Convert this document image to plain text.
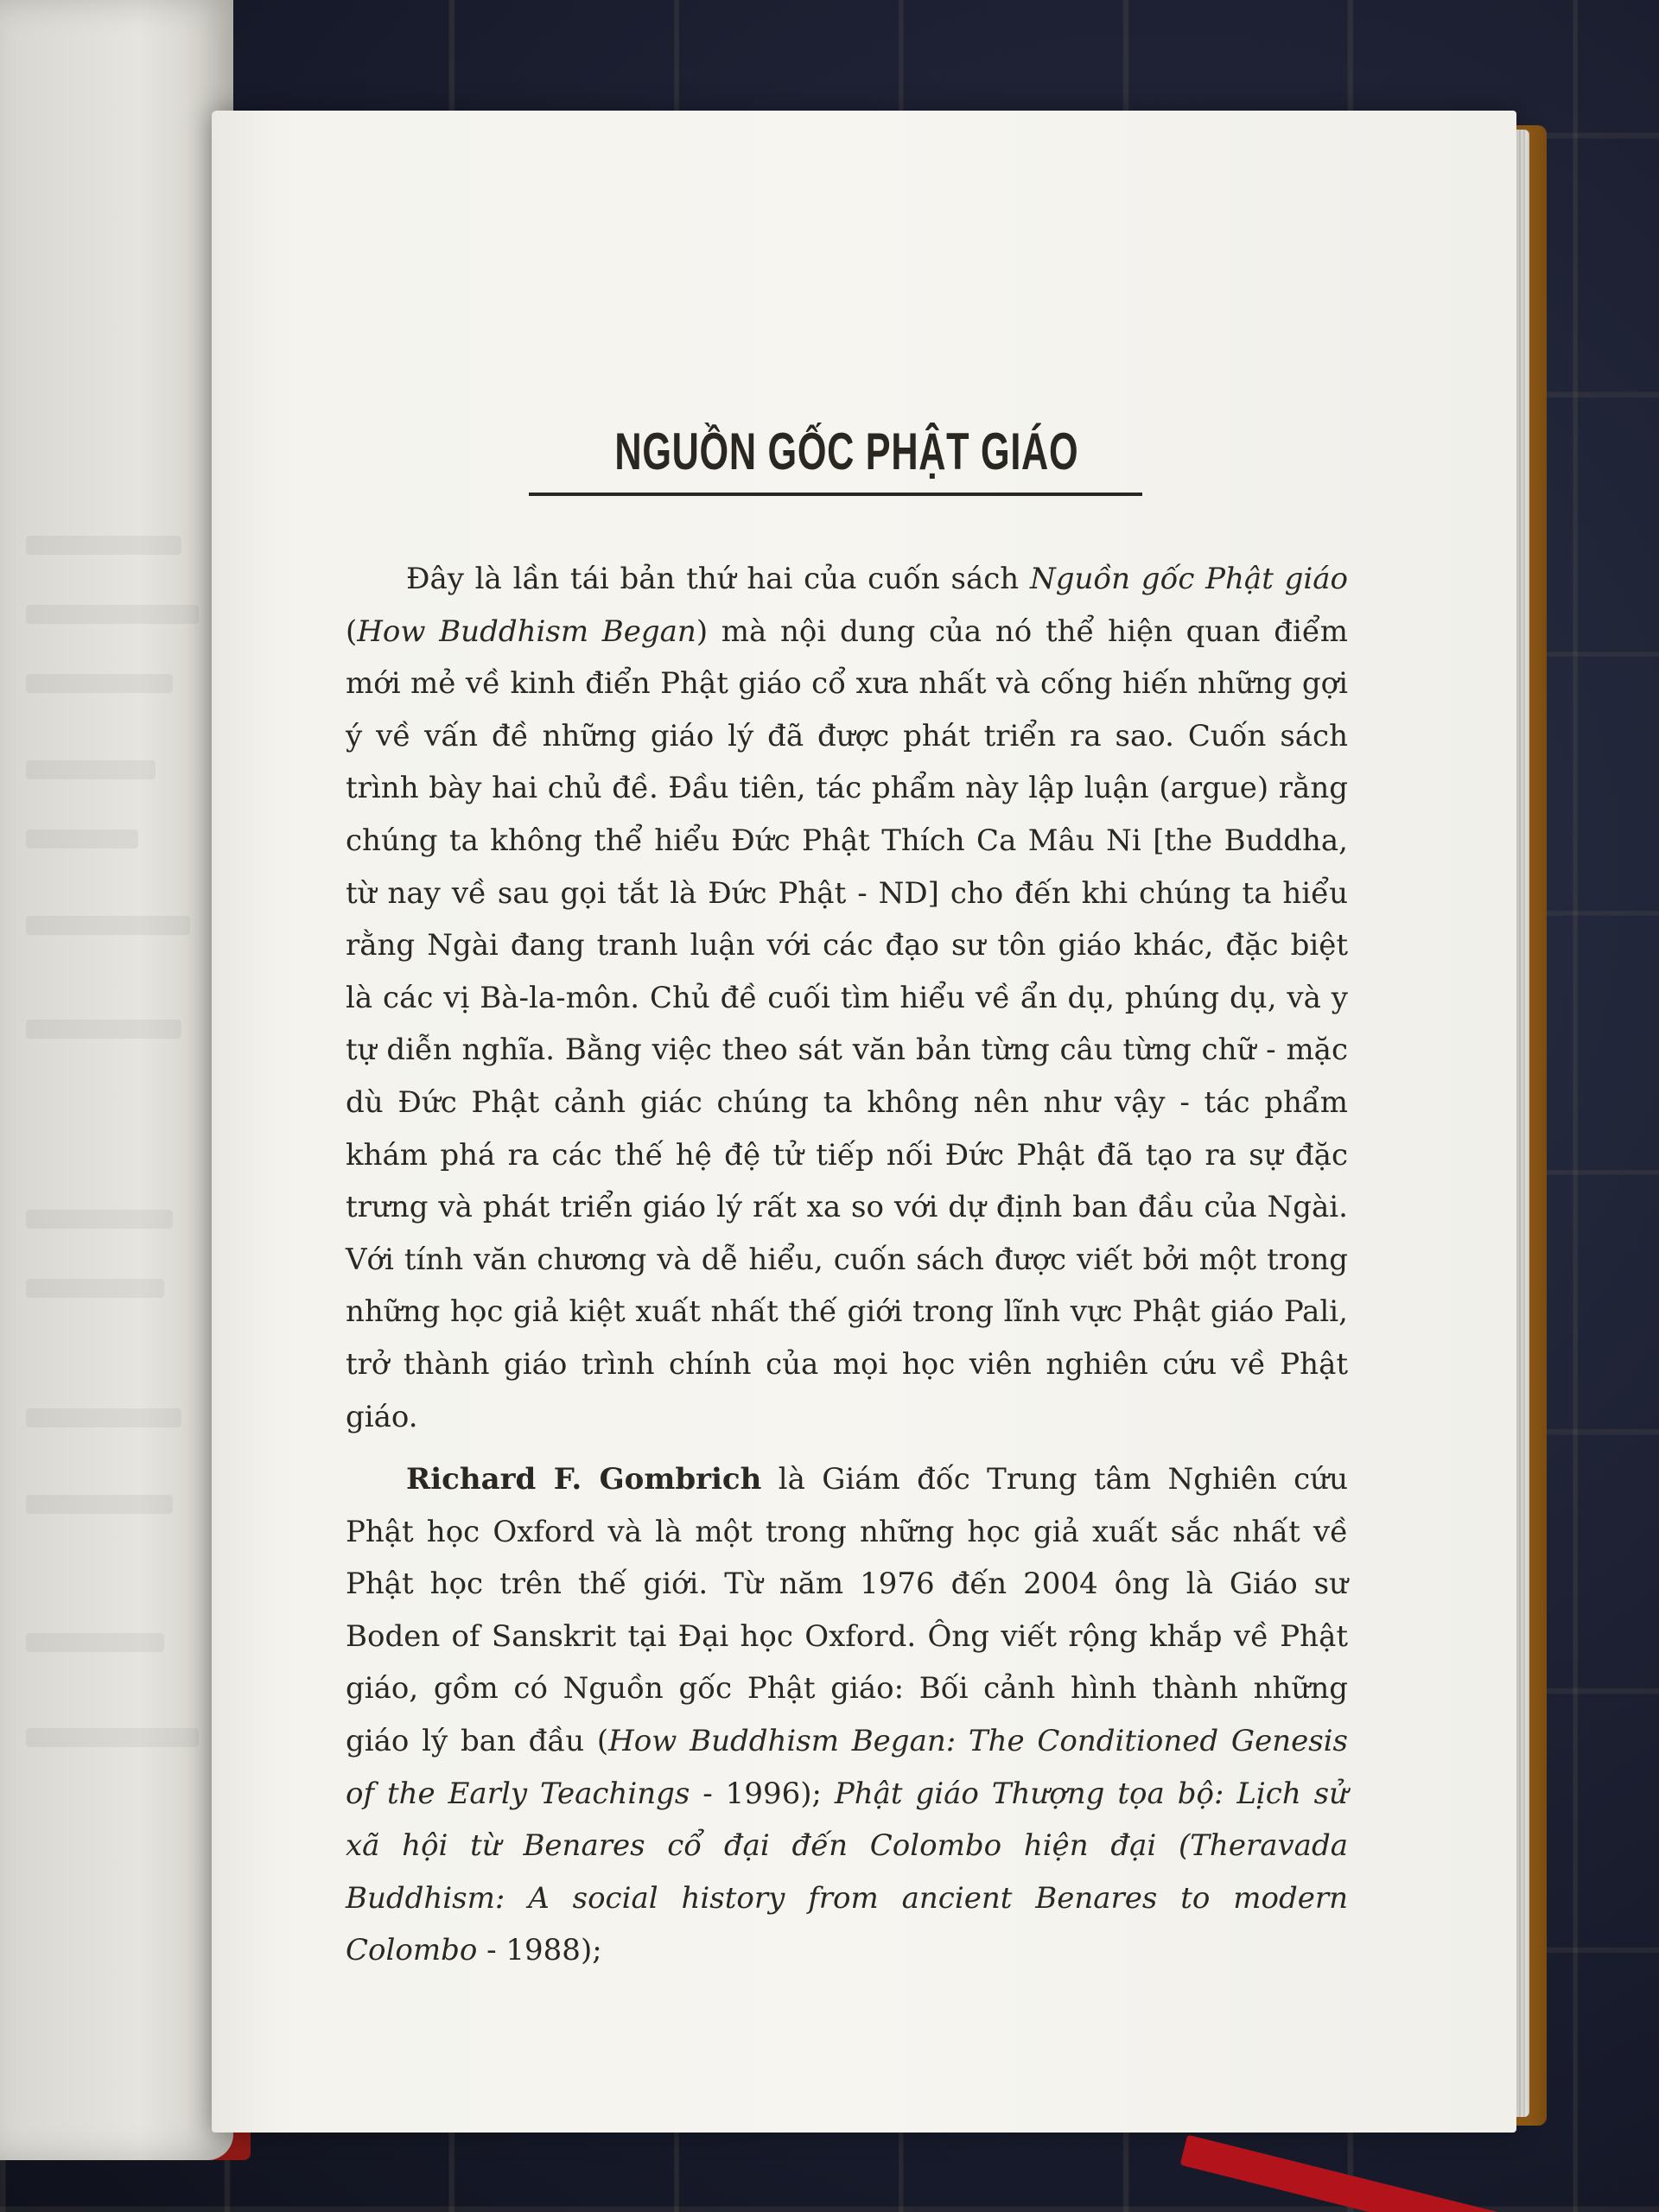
NGUỒN GỐC PHẬT GIÁO

Đây là lần tái bản thứ hai của cuốn sách Nguồn gốc Phật giáo (How Buddhism Began) mà nội dung của nó thể hiện quan điểm mới mẻ về kinh điển Phật giáo cổ xưa nhất và cống hiến những gợi ý về vấn đề những giáo lý đã được phát triển ra sao. Cuốn sách trình bày hai chủ đề. Đầu tiên, tác phẩm này lập luận (argue) rằng chúng ta không thể hiểu Đức Phật Thích Ca Mâu Ni [the Buddha, từ nay về sau gọi tắt là Đức Phật - ND] cho đến khi chúng ta hiểu rằng Ngài đang tranh luận với các đạo sư tôn giáo khác, đặc biệt là các vị Bà-la-môn. Chủ đề cuối tìm hiểu về ẩn dụ, phúng dụ, và y tự diễn nghĩa. Bằng việc theo sát văn bản từng câu từng chữ - mặc dù Đức Phật cảnh giác chúng ta không nên như vậy - tác phẩm khám phá ra các thế hệ đệ tử tiếp nối Đức Phật đã tạo ra sự đặc trưng và phát triển giáo lý rất xa so với dự định ban đầu của Ngài. Với tính văn chương và dễ hiểu, cuốn sách được viết bởi một trong những học giả kiệt xuất nhất thế giới trong lĩnh vực Phật giáo Pali, trở thành giáo trình chính của mọi học viên nghiên cứu về Phật giáo.

Richard F. Gombrich là Giám đốc Trung tâm Nghiên cứu Phật học Oxford và là một trong những học giả xuất sắc nhất về Phật học trên thế giới. Từ năm 1976 đến 2004 ông là Giáo sư Boden of Sanskrit tại Đại học Oxford. Ông viết rộng khắp về Phật giáo, gồm có Nguồn gốc Phật giáo: Bối cảnh hình thành những giáo lý ban đầu (How Buddhism Began: The Conditioned Genesis of the Early Teachings - 1996); Phật giáo Thượng tọa bộ: Lịch sử xã hội từ Benares cổ đại đến Colombo hiện đại (Theravada Buddhism: A social history from ancient Benares to modern Colombo - 1988);
